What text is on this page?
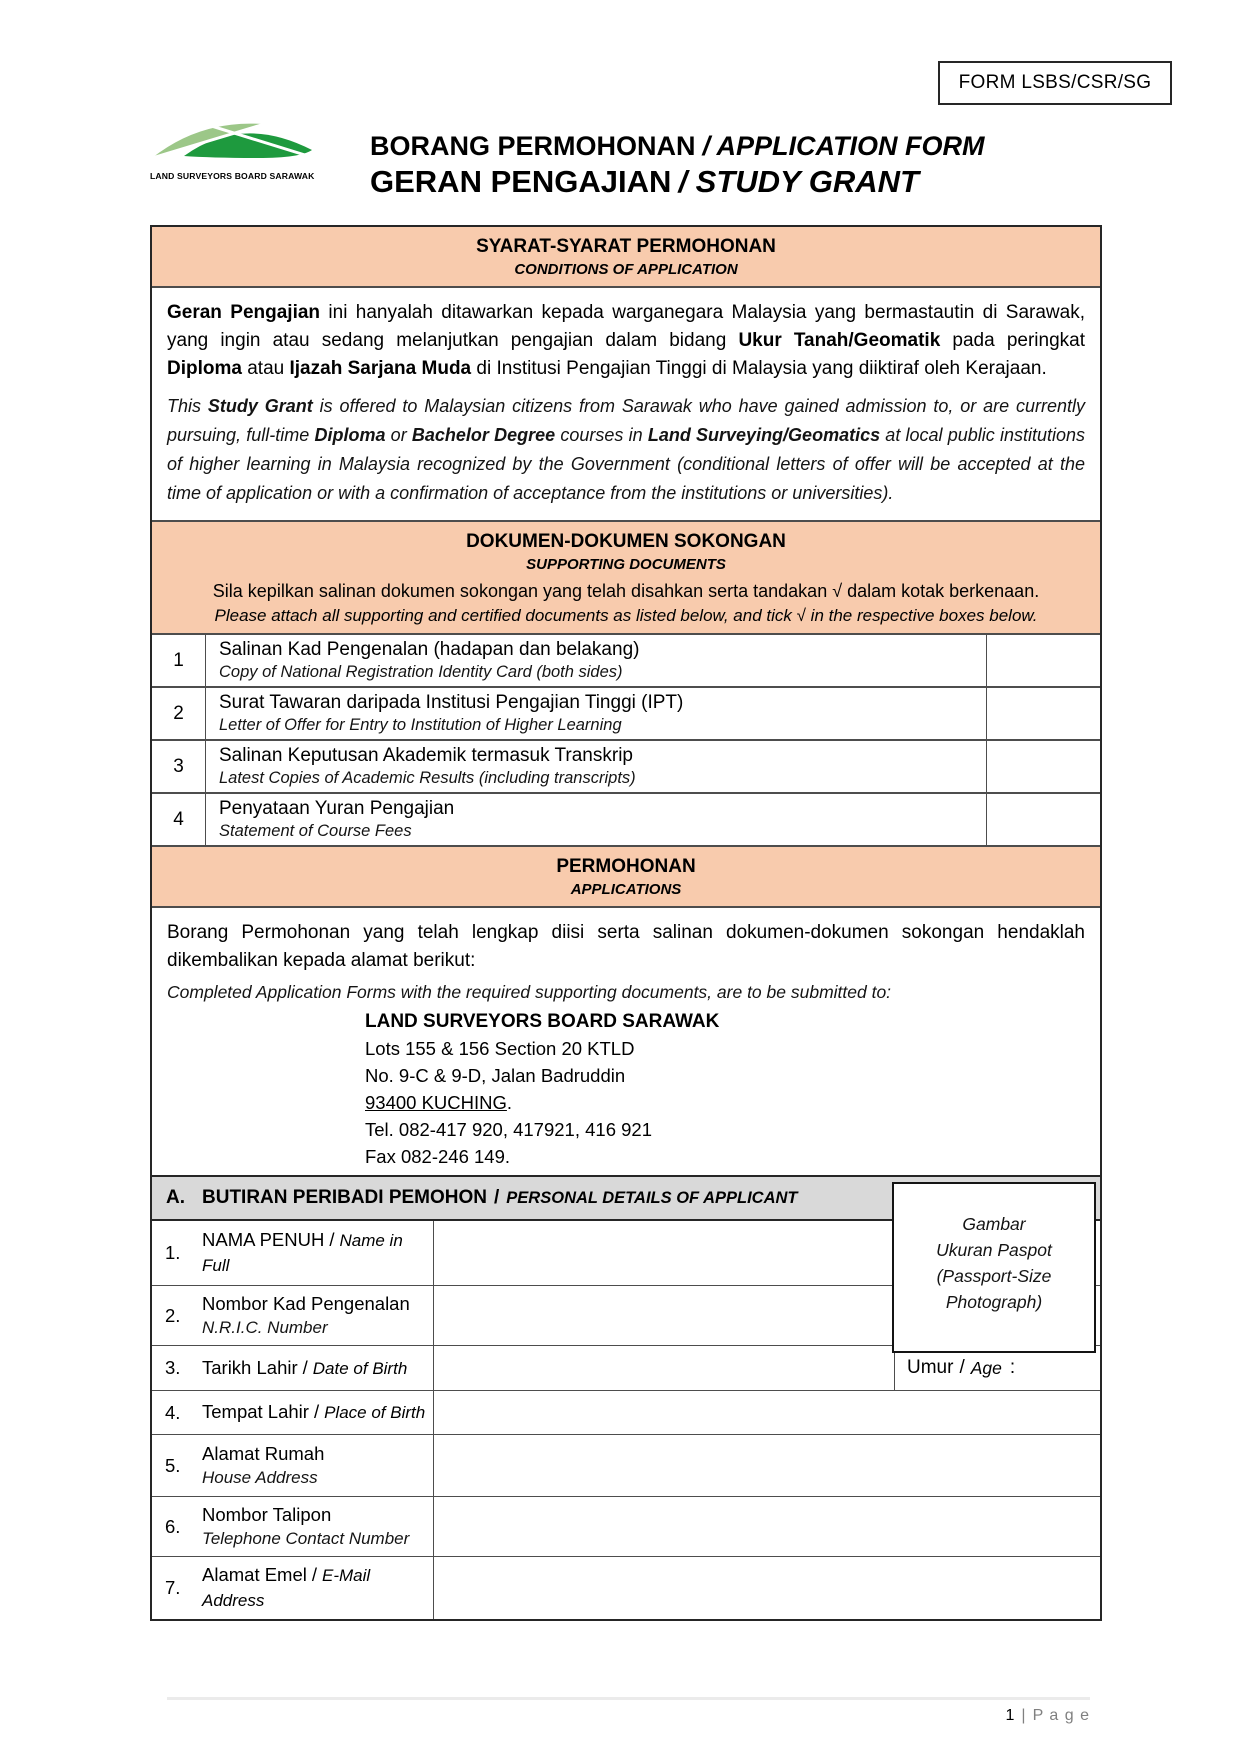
FORM LSBS/CSR/SG
LAND SURVEYORS BOARD SARAWAK
BORANG PERMOHONAN / APPLICATION FORM
GERAN PENGAJIAN / STUDY GRANT
SYARAT-SYARAT PERMOHONAN
CONDITIONS OF APPLICATION

Geran Pengajian ini hanyalah ditawarkan kepada warganegara Malaysia yang bermastautin di Sarawak, yang ingin atau sedang melanjutkan pengajian dalam bidang Ukur Tanah/Geomatik pada peringkat Diploma atau Ijazah Sarjana Muda di Institusi Pengajian Tinggi di Malaysia yang diiktiraf oleh Kerajaan.

This Study Grant is offered to Malaysian citizens from Sarawak who have gained admission to, or are currently pursuing, full-time Diploma or Bachelor Degree courses in Land Surveying/Geomatics at local public institutions of higher learning in Malaysia recognized by the Government (conditional letters of offer will be accepted at the time of application or with a confirmation of acceptance from the institutions or universities).

DOKUMEN-DOKUMEN SOKONGAN
SUPPORTING DOCUMENTS
Sila kepilkan salinan dokumen sokongan yang telah disahkan serta tandakan √ dalam kotak berkenaan.
Please attach all supporting and certified documents as listed below, and tick √ in the respective boxes below.
1	Salinan Kad Pengenalan (hadapan dan belakang)
Copy of National Registration Identity Card (both sides)
2	Surat Tawaran daripada Institusi Pengajian Tinggi (IPT)
Letter of Offer for Entry to Institution of Higher Learning
3	Salinan Keputusan Akademik termasuk Transkrip
Latest Copies of Academic Results (including transcripts)
4	Penyataan Yuran Pengajian
Statement of Course Fees
PERMOHONAN
APPLICATIONS

Borang Permohonan yang telah lengkap diisi serta salinan dokumen-dokumen sokongan hendaklah dikembalikan kepada alamat berikut:

Completed Application Forms with the required supporting documents, are to be submitted to:

LAND SURVEYORS BOARD SARAWAK
Lots 155 & 156 Section 20 KTLD
No. 9-C & 9-D, Jalan Badruddin
93400 KUCHING.
Tel. 082-417 920, 417921, 416 921
Fax 082-246 149.
A. BUTIRAN PERIBADI PEMOHON / PERSONAL DETAILS OF APPLICANT
1.
NAMA PENUH / Name in Full
2.
Nombor Kad Pengenalan
N.R.I.C. Number
3.	Tarikh Lahir / Date of Birth	Umur / Age :
4.	Tempat Lahir / Place of Birth
5.
Alamat Rumah
House Address
6.
Nombor Talipon
Telephone Contact Number
7.
Alamat Emel / E-Mail Address
Gambar
Ukuran Paspot
(Passport-Size
Photograph)
1 | P a g e
